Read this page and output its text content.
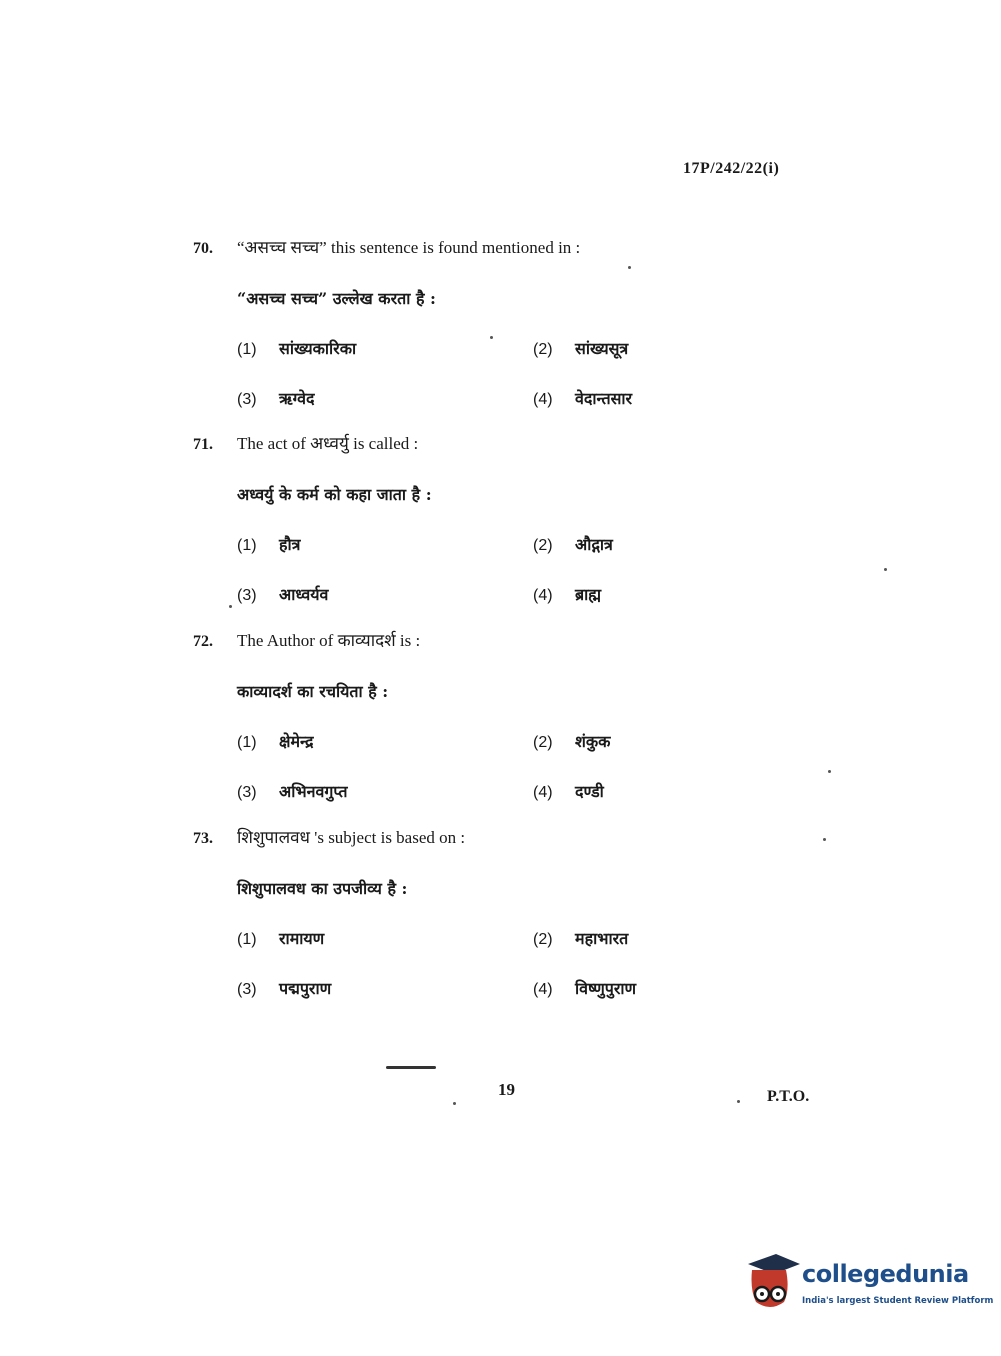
17P/242/22(i)
70. “असच्च सच्च” this sentence is found mentioned in :
“असच्च सच्च” उल्लेख करता है :
(1) सांख्यकारिका	(2) सांख्यसूत्र
(3) ऋग्वेद	(4) वेदान्तसार
71. The act of अध्वर्यु is called :
अध्वर्यु के कर्म को कहा जाता है :
(1) हौत्र	(2) औद्गात्र
(3) आध्वर्यव	(4) ब्राह्म
72. The Author of काव्यादर्श is :
काव्यादर्श का रचयिता है :
(1) क्षेमेन्द्र	(2) शंकुक
(3) अभिनवगुप्त	(4) दण्डी
73. शिशुपालवध 's subject is based on :
शिशुपालवध का उपजीव्य है :
(1) रामायण	(2) महाभारत
(3) पद्मपुराण	(4) विष्णुपुराण
19	P.T.O.
collegedunia
India's largest Student Review Platform
